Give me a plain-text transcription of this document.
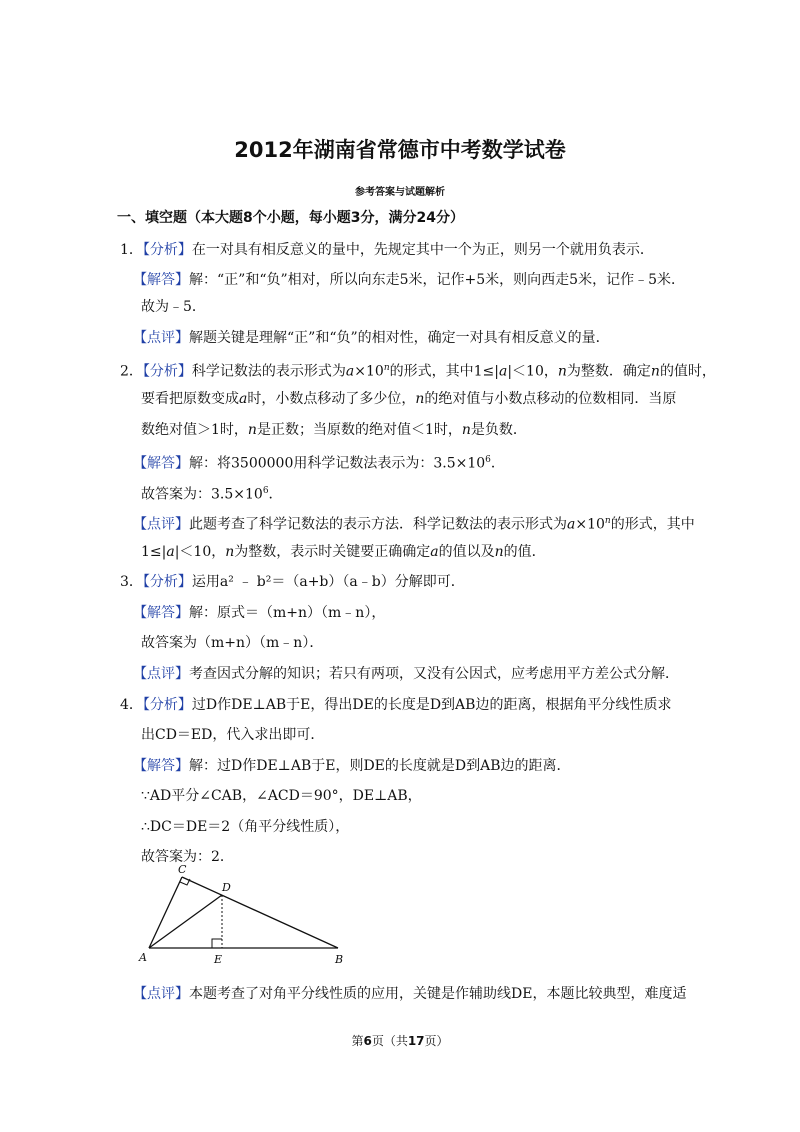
2012年湖南省常德市中考数学试卷
参考答案与试题解析
一、填空题（本大题8个小题，每小题3分，满分24分）
1．【分析】在一对具有相反意义的量中，先规定其中一个为正，则另一个就用负表示．
【解答】解：“正”和“负”相对，所以向东走5米，记作+5米，则向西走5米，记作﹣5米．
故为﹣5．
【点评】解题关键是理解“正”和“负”的相对性，确定一对具有相反意义的量．
2．【分析】科学记数法的表示形式为$a\times 10^n$的形式，其中1≤|a|＜10，n为整数．确定n的值时，
要看把原数变成a时，小数点移动了多少位，n的绝对值与小数点移动的位数相同．当原
数绝对值＞1时，n是正数；当原数的绝对值＜1时，n是负数．
【解答】解：将3500000用科学记数法表示为：$3.5\times 10^6$．
故答案为：$3.5\times 10^6$．
【点评】此题考查了科学记数法的表示方法．科学记数法的表示形式为$a\times 10^n$的形式，其中
1≤|a|＜10，n为整数，表示时关键要正确确定a的值以及n的值．
3．【分析】运用a² ﹣ b²＝（a+b）（a﹣b）分解即可．
【解答】解：原式＝（m+n）（m﹣n），
故答案为（m+n）（m﹣n）．
【点评】考查因式分解的知识；若只有两项，又没有公因式，应考虑用平方差公式分解．
4．【分析】过D作DE⊥AB于E，得出DE的长度是D到AB边的距离，根据角平分线性质求
出CD＝ED，代入求出即可．
【解答】解：过D作DE⊥AB于E，则DE的长度就是D到AB边的距离．
∵AD平分∠CAB，∠ACD＝90°，DE⊥AB，
∴DC＝DE＝2（角平分线性质），
故答案为：2．
C
D
A	E	B
【点评】本题考查了对角平分线性质的应用，关键是作辅助线DE，本题比较典型，难度适
第6页（共17页）
